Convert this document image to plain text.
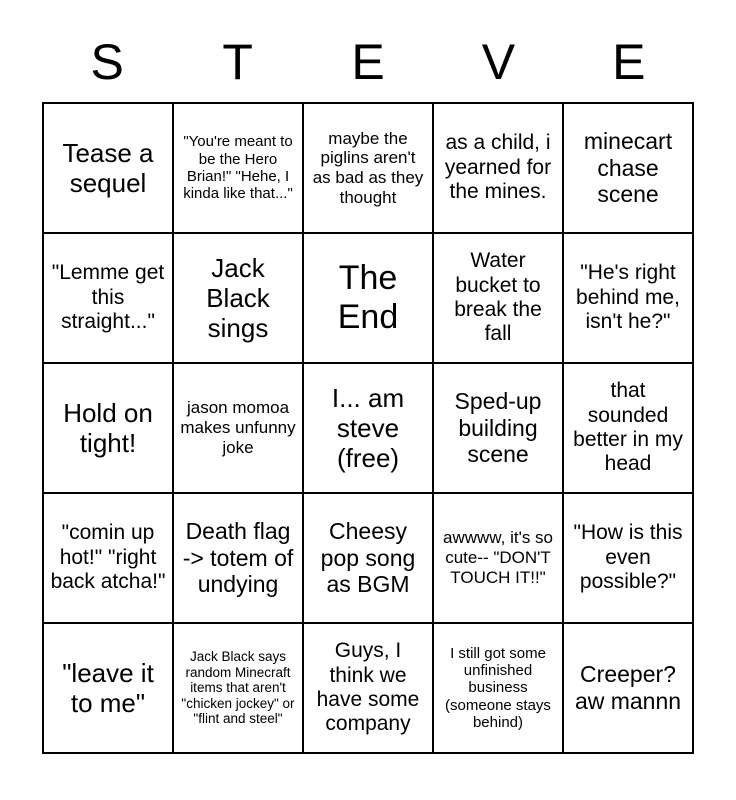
S	T	E	V	E
Tease a sequel	"You're meant to be the Hero Brian!" "Hehe, I kinda like that..."	maybe the piglins aren't as bad as they thought	as a child, i yearned for the mines.	minecart chase scene
"Lemme get this straight..."	Jack Black sings	The End	Water bucket to break the fall	"He's right behind me, isn't he?"
Hold on tight!	jason momoa makes unfunny joke	I... am steve (free)	Sped-up building scene	that sounded better in my head
"comin up hot!" "right back atcha!"	Death flag -> totem of undying	Cheesy pop song as BGM	awwww, it's so cute-- "DON'T TOUCH IT!!"	"How is this even possible?"
"leave it to me"	Jack Black says random Minecraft items that aren't "chicken jockey" or "flint and steel"	Guys, I think we have some company	I still got some unfinished business (someone stays behind)	Creeper? aw mannn
